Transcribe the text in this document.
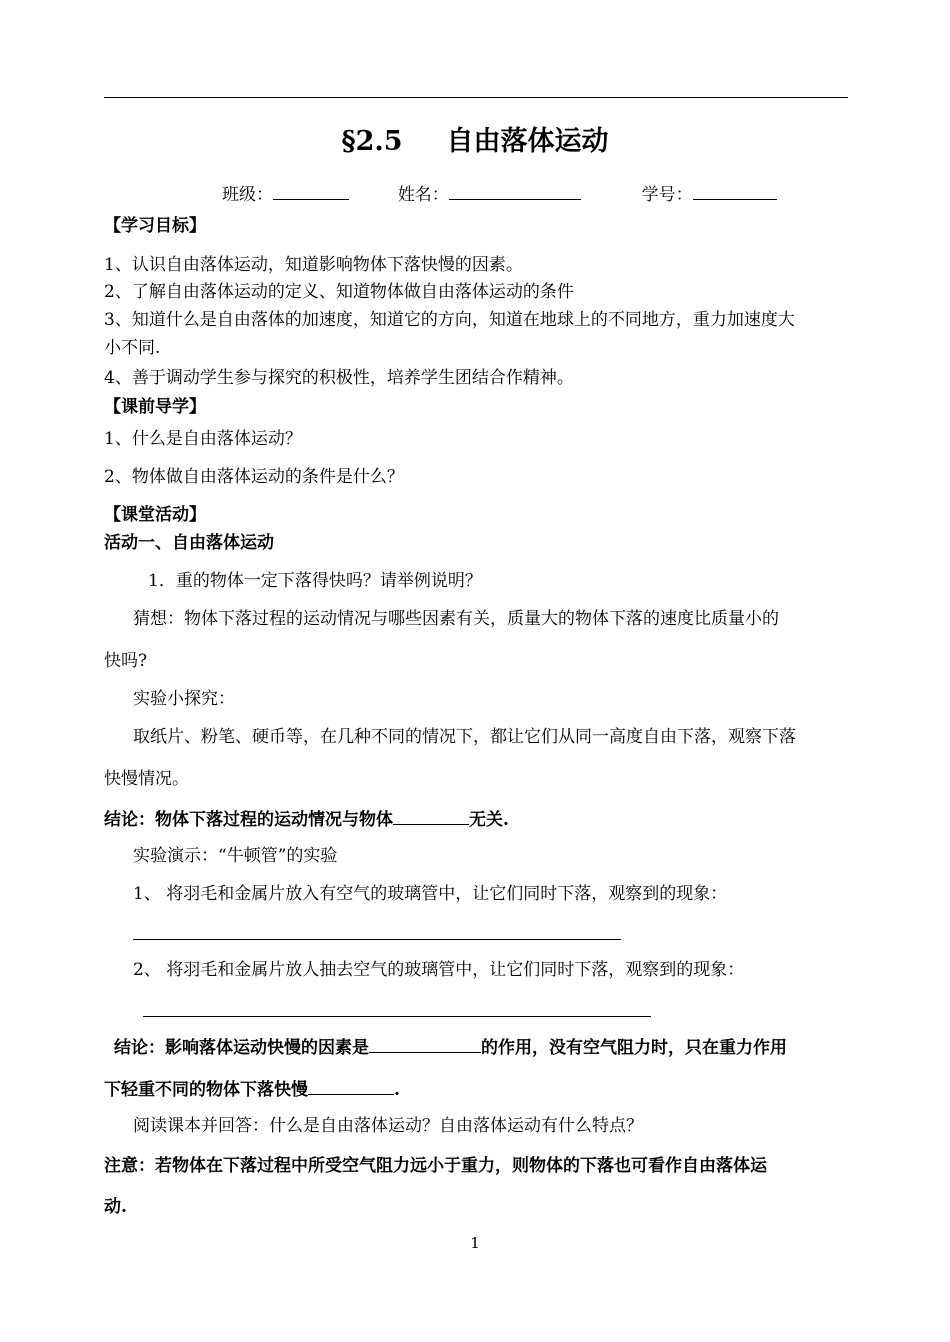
§2.5 自由落体运动
班级：	姓名：	学号：
【学习目标】
1、认识自由落体运动，知道影响物体下落快慢的因素。
2、了解自由落体运动的定义、知道物体做自由落体运动的条件
3、知道什么是自由落体的加速度，知道它的方向，知道在地球上的不同地方，重力加速度大
小不同.
4、善于调动学生参与探究的积极性，培养学生团结合作精神。
【课前导学】
1、什么是自由落体运动？
2、物体做自由落体运动的条件是什么？
【课堂活动】
活动一、自由落体运动
1．重的物体一定下落得快吗？请举例说明？
猜想：物体下落过程的运动情况与哪些因素有关，质量大的物体下落的速度比质量小的
快吗?
实验小探究：
取纸片、粉笔、硬币等，在几种不同的情况下，都让它们从同一高度自由下落，观察下落
快慢情况。
结论：物体下落过程的运动情况与物体	无关.
实验演示：“牛顿管”的实验
1、 将羽毛和金属片放入有空气的玻璃管中，让它们同时下落，观察到的现象：
2、 将羽毛和金属片放人抽去空气的玻璃管中，让它们同时下落，观察到的现象：
结论：影响落体运动快慢的因素是	的作用，没有空气阻力时，只在重力作用
下轻重不同的物体下落快慢	.
阅读课本并回答：什么是自由落体运动？自由落体运动有什么特点？
注意：若物体在下落过程中所受空气阻力远小于重力，则物体的下落也可看作自由落体运
动.
1
